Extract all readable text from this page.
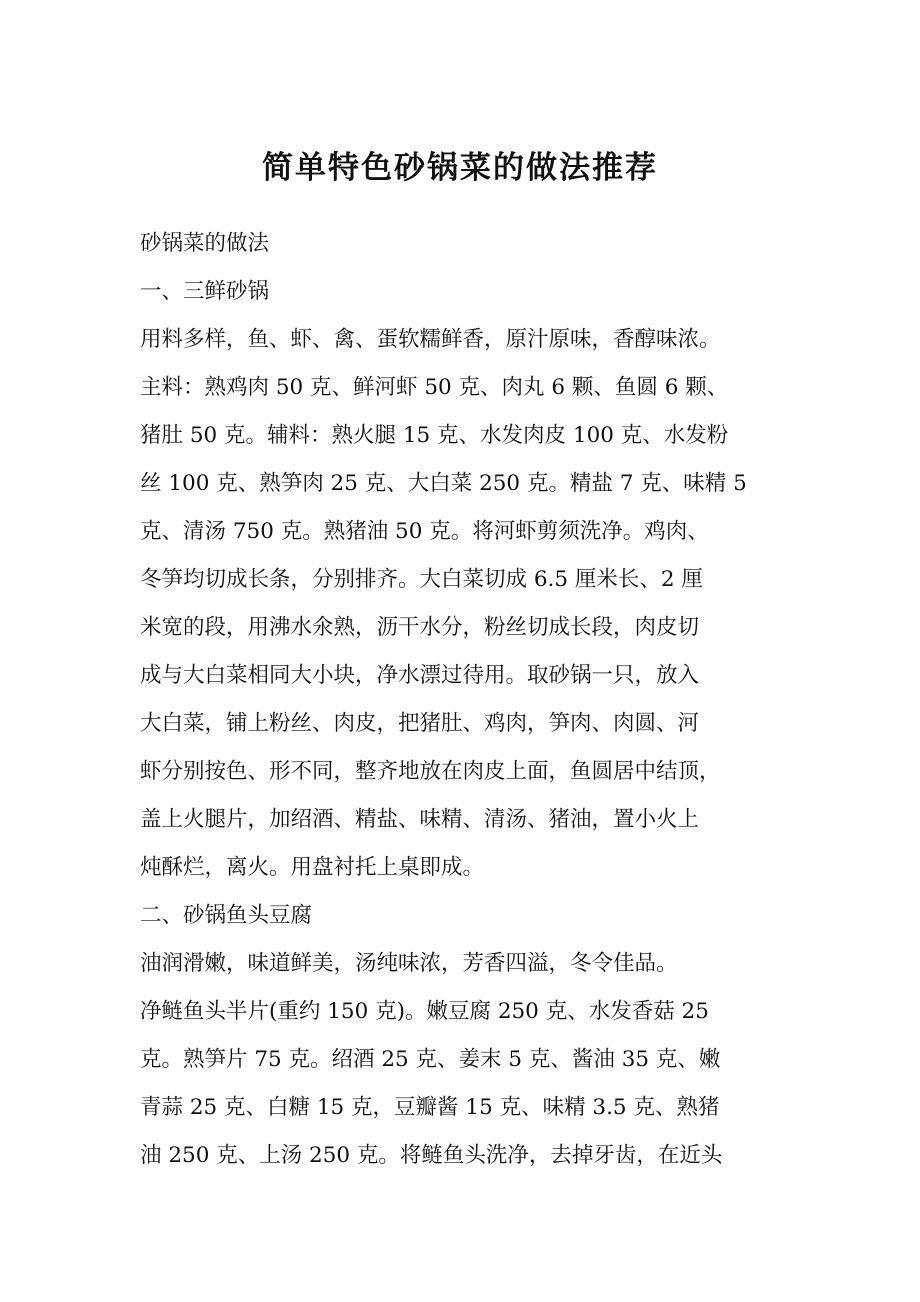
简单特色砂锅菜的做法推荐

砂锅菜的做法

一、三鲜砂锅

用料多样，鱼、虾、禽、蛋软糯鲜香，原汁原味，香醇味浓。

主料：熟鸡肉 50 克、鲜河虾 50 克、肉丸 6 颗、鱼圆 6 颗、

猪肚 50 克。辅料：熟火腿 15 克、水发肉皮 100 克、水发粉

丝 100 克、熟笋肉 25 克、大白菜 250 克。精盐 7 克、味精 5

克、清汤 750 克。熟猪油 50 克。将河虾剪须洗净。鸡肉、

冬笋均切成长条，分别排齐。大白菜切成 6.5 厘米长、2 厘

米宽的段，用沸水氽熟，沥干水分，粉丝切成长段，肉皮切

成与大白菜相同大小块，净水漂过待用。取砂锅一只，放入

大白菜，铺上粉丝、肉皮，把猪肚、鸡肉，笋肉、肉圆、河

虾分别按色、形不同，整齐地放在肉皮上面，鱼圆居中结顶，

盖上火腿片，加绍酒、精盐、味精、清汤、猪油，置小火上

炖酥烂，离火。用盘衬托上桌即成。

二、砂锅鱼头豆腐

油润滑嫩，味道鲜美，汤纯味浓，芳香四溢，冬令佳品。

净鲢鱼头半片(重约 150 克)。嫩豆腐 250 克、水发香菇 25

克。熟笋片 75 克。绍酒 25 克、姜末 5 克、酱油 35 克、嫩

青蒜 25 克、白糖 15 克，豆瓣酱 15 克、味精 3.5 克、熟猪

油 250 克、上汤 250 克。将鲢鱼头洗净，去掉牙齿，在近头
